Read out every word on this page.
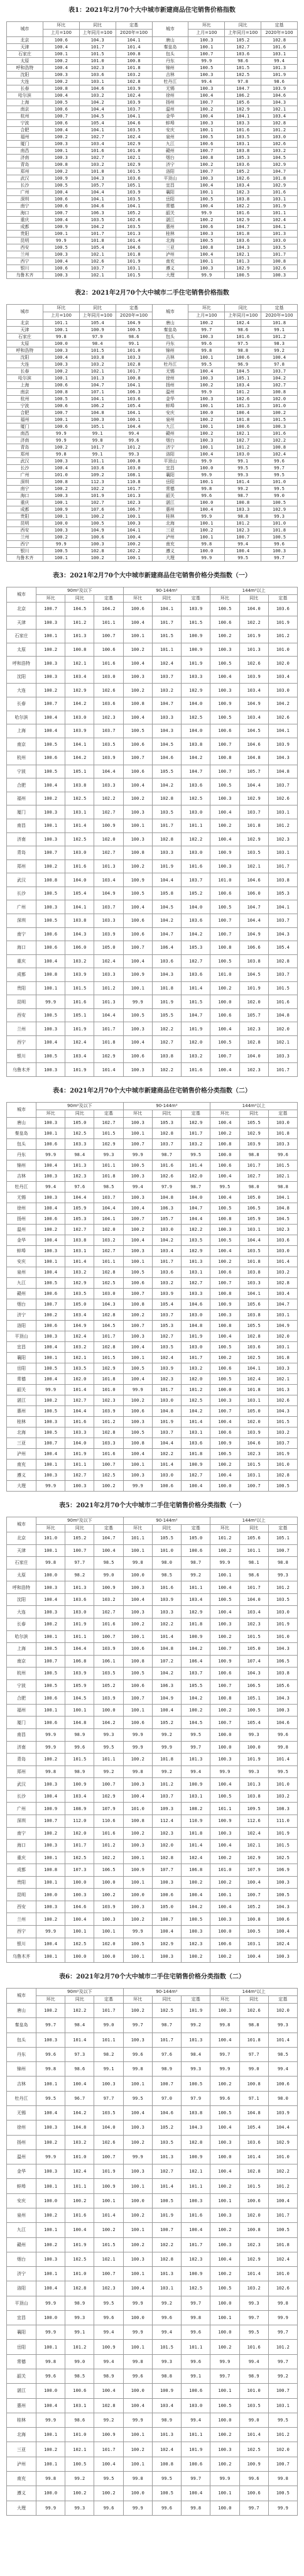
表1：2021年2月70个大中城市新建商品住宅销售价格指数
城市	环比	同比	定基	城市	环比	同比	定基
	上月=100	上年同月=100	2020年=100		上月=100	上年同月=100	2020年=100
北京	100.6	104.3	104.1	唐山	100.3	105.2	102.8
天津	100.4	101.7	101.4	秦皇岛	100.1	102.7	101.6
石家庄	100.1	101.5	100.8	包头	100.7	103.6	103.1
太原	100.2	101.0	100.8	丹东	99.9	98.6	99.4
呼和浩特	100.4	102.3	101.8	锦州	100.5	101.5	101.3
沈阳	100.3	103.6	103.2	吉林	100.3	102.5	101.9
大连	100.2	103.1	102.8	牡丹江	99.4	97.8	98.6
长春	100.8	104.6	103.9	无锡	100.3	104.7	103.9
哈尔滨	100.4	103.2	102.4	徐州	100.4	106.2	104.6
上海	100.5	104.2	103.9	扬州	100.7	105.6	104.3
南京	100.6	104.4	103.7	温州	100.2	102.9	102.1
杭州	100.7	104.5	104.1	金华	100.4	104.1	103.4
宁波	100.6	105.4	104.6	蚌埠	100.3	103.3	102.8
合肥	100.4	104.1	103.5	安庆	100.1	101.6	101.2
福州	100.2	102.7	102.4	泉州	100.5	103.5	103.0
厦门	100.3	103.4	102.9	九江	100.6	103.1	102.6
南昌	100.1	101.6	101.0	赣州	100.7	103.8	103.2
济南	100.3	102.7	102.1	烟台	100.8	105.3	104.5
青岛	100.8	103.2	102.9	济宁	100.2	103.6	102.9
郑州	100.2	101.8	101.5	洛阳	100.7	105.2	104.7
武汉	100.9	104.3	103.6	平顶山	100.3	102.6	101.8
长沙	100.5	105.7	105.1	宜昌	100.4	103.4	102.9
广州	100.4	104.4	103.9	襄阳	100.1	102.3	101.6
深圳	100.6	104.1	103.5	岳阳	100.5	103.8	103.1
南宁	100.6	104.6	104.1	常德	100.4	102.2	101.9
海口	100.7	106.3	105.2	韶关	99.9	101.6	101.1
重庆	100.4	103.5	102.6	湛江	100.2	102.9	102.4
成都	100.9	104.2	103.5	惠州	100.6	104.7	104.1
贵阳	100.1	101.7	101.3	桂林	100.3	101.8	101.3
昆明	99.9	101.8	101.4	北海	100.5	103.6	103.0
西安	100.5	105.4	104.6	三亚	100.8	104.3	103.5
兰州	100.3	102.1	101.8	泸州	100.4	102.1	101.7
西宁	100.4	102.6	101.9	南充	100.1	101.3	100.8
银川	100.6	103.7	103.1	遵义	100.3	102.9	102.6
乌鲁木齐	100.3	102.1	101.5	大理	99.9	100.5	100.3
表2：2021年2月70个大中城市二手住宅销售价格指数
城市	环比	同比	定基	城市	环比	同比	定基
	上月=100	上年同月=100	2020年=100		上月=100	上年同月=100	2020年=100
北京	101.1	105.4	104.9	唐山	100.2	102.4	101.8
天津	100.1	100.9	100.5	秦皇岛	99.7	98.6	99.1
石家庄	99.8	97.9	98.6	包头	100.3	101.6	101.2
太原	100.0	98.4	99.1	丹东	99.6	97.5	98.3
呼和浩特	100.3	101.5	101.0	锦州	99.8	98.8	99.2
沈阳	100.4	103.8	103.3	吉林	100.1	100.6	100.4
大连	100.3	103.2	102.8	牡丹江	99.5	96.9	97.8
长春	100.2	102.1	101.7	无锡	100.4	104.5	103.7
哈尔滨	100.1	101.3	100.8	徐州	100.3	105.1	104.2
上海	100.6	104.7	104.1	扬州	100.2	103.4	102.7
南京	100.8	107.1	106.3	温州	99.9	101.2	100.8
杭州	100.5	104.1	103.6	金华	100.3	102.6	102.0
宁波	100.6	106.2	105.4	蚌埠	100.1	101.3	101.0
合肥	100.7	104.8	104.1	安庆	100.0	100.4	100.2
福州	100.1	100.3	100.1	泉州	100.2	101.8	101.5
厦门	100.6	105.1	104.4	九江	100.1	100.6	100.3
南昌	99.9	99.1	99.4	赣州	100.2	102.1	101.6
济南	99.9	99.8	99.6	烟台	100.3	102.7	102.2
青岛	100.2	101.7	101.2	济宁	100.1	101.2	100.8
郑州	99.8	99.1	99.3	洛阳	100.4	103.0	102.4
武汉	100.3	101.1	100.8	平顶山	99.9	99.1	99.6
长沙	100.4	103.6	103.0	宜昌	100.0	99.5	99.7
广州	101.0	109.2	108.1	襄阳	99.9	99.3	99.5
深圳	100.8	112.3	110.8	岳阳	100.1	101.4	101.0
南宁	100.2	102.2	101.7	常德	99.8	99.2	99.5
海口	100.3	101.9	101.3	韶关	99.6	98.7	99.0
重庆	100.1	102.7	102.3	湛江	100.0	100.8	100.5
成都	100.9	107.6	106.7	惠州	100.4	103.3	102.9
贵阳	100.1	100.2	100.1	桂林	99.9	98.8	99.3
昆明	100.0	100.5	100.3	北海	100.1	101.2	101.0
西安	100.3	104.9	104.1	三亚	100.2	102.3	101.8
兰州	100.2	100.6	100.4	泸州	100.1	100.7	100.5
西宁	99.9	100.3	100.2	南充	99.8	99.4	99.6
银川	100.5	102.8	102.2	遵义	100.0	100.4	100.3
乌鲁木齐	100.1	100.2	100.1	大理	99.9	99.5	99.7
表3：2021年2月70个大中城市新建商品住宅销售价格分类指数（一）
城市	90m²及以下			90-144m²			144m²以上		
	环比	同比	定基	环比	同比	定基	环比	同比	定基
北京	100.7	104.5	104.2	100.6	104.1	103.9	100.5	104.0	103.6
天津	100.3	101.2	101.1	100.4	101.7	101.5	100.6	102.2	101.9
石家庄	100.1	101.3	100.7	100.1	101.5	100.9	100.2	101.9	101.2
太原	100.2	100.8	100.6	100.2	101.1	100.9	100.3	101.3	101.0
呼和浩特	100.3	102.1	101.6	100.4	102.4	101.9	100.5	102.6	102.0
沈阳	100.3	103.4	103.0	100.3	103.7	103.3	100.4	103.9	103.4
大连	100.2	102.9	102.6	100.2	103.2	102.9	100.3	103.4	103.0
长春	100.7	104.2	103.6	100.8	104.7	104.0	100.9	104.9	104.2
哈尔滨	100.4	103.0	102.3	100.4	103.3	102.5	100.5	103.4	102.6
上海	100.4	103.9	103.7	100.5	104.3	104.0	100.6	104.5	104.1
南京	100.5	104.1	103.5	100.6	104.5	103.8	100.7	104.6	103.9
杭州	100.6	104.2	103.9	100.7	104.6	104.2	100.8	104.8	104.3
宁波	100.5	105.1	104.4	100.6	105.5	104.7	100.7	105.7	104.8
合肥	100.4	103.8	103.3	100.4	104.2	103.6	100.5	104.4	103.7
福州	100.2	102.5	102.2	100.2	102.8	102.5	100.3	102.9	102.6
厦门	100.3	103.1	102.7	100.3	103.5	103.0	100.4	103.7	103.1
南昌	100.1	101.4	100.9	100.1	101.7	101.1	100.2	101.8	101.2
济南	100.3	102.5	102.0	100.3	102.8	102.2	100.4	102.9	102.3
青岛	100.7	103.0	102.7	100.8	103.3	103.0	100.9	103.5	103.1
郑州	100.2	101.6	101.3	100.2	101.9	101.6	100.3	102.1	101.7
武汉	100.8	104.0	103.4	100.9	104.4	103.7	101.0	104.6	103.8
长沙	100.5	105.4	104.9	100.5	105.8	105.2	100.6	106.0	105.3
广州	100.3	104.1	103.7	100.4	104.5	104.0	100.5	104.7	104.1
深圳	100.5	103.8	103.3	100.6	104.2	103.6	100.7	104.4	103.7
南宁	100.6	104.3	103.9	100.6	104.7	104.2	100.7	104.9	104.3
海口	100.6	106.0	105.0	100.7	106.4	105.3	100.8	106.6	105.4
重庆	100.4	103.2	102.4	100.4	103.6	102.7	100.5	103.8	102.8
成都	100.8	103.9	103.3	100.9	104.3	103.6	101.0	104.5	103.7
贵阳	100.1	101.5	101.2	100.1	101.8	101.4	100.2	101.9	101.5
昆明	99.9	101.6	101.3	99.9	101.9	101.5	100.0	102.0	101.6
西安	100.5	105.1	104.4	100.5	105.5	104.7	100.6	105.7	104.8
兰州	100.3	101.9	101.7	100.3	102.2	101.9	100.4	102.3	102.0
西宁	100.4	102.4	101.8	100.4	102.7	102.0	100.5	102.8	102.1
银川	100.5	103.4	102.9	100.6	103.8	103.2	100.7	104.0	103.3
乌鲁木齐	100.3	101.9	101.4	100.3	102.2	101.6	100.4	102.3	101.7
表4：2021年2月70个大中城市新建商品住宅销售价格分类指数（二）
城市	90m²及以下			90-144m²			144m²以上		
	环比	同比	定基	环比	同比	定基	环比	同比	定基
唐山	100.3	105.0	102.7	100.3	105.3	102.9	100.4	105.5	103.0
秦皇岛	100.1	102.5	101.5	100.1	102.8	101.7	100.2	102.9	101.8
包头	100.6	103.3	102.9	100.7	103.7	103.2	100.8	103.9	103.3
丹东	99.9	98.4	99.3	99.9	98.7	99.5	100.0	98.8	99.6
锦州	100.4	101.3	101.1	100.5	101.6	101.4	100.6	101.7	101.5
吉林	100.3	102.3	101.8	100.3	102.6	102.0	100.4	102.7	102.1
牡丹江	99.4	97.6	98.5	99.4	97.9	98.7	99.5	98.0	98.8
无锡	100.3	104.4	103.7	100.3	104.8	104.0	100.4	105.0	104.1
徐州	100.4	105.9	104.4	100.4	106.3	104.7	100.5	106.5	104.8
扬州	100.6	105.3	104.1	100.7	105.7	104.4	100.8	105.9	104.5
温州	100.2	102.7	102.0	100.2	103.0	102.2	100.3	103.1	102.3
金华	100.4	103.8	103.2	100.4	104.2	103.5	100.5	104.4	103.6
蚌埠	100.3	103.1	102.7	100.3	103.4	102.9	100.4	103.5	103.0
安庆	100.1	101.4	101.1	100.1	101.7	101.3	100.2	101.8	101.4
泉州	100.4	103.2	102.8	100.5	103.6	103.1	100.6	103.8	103.2
九江	100.5	102.9	102.5	100.6	103.2	102.7	100.7	103.3	102.8
赣州	100.6	103.5	103.0	100.7	103.9	103.3	100.8	104.1	103.4
烟台	100.7	105.0	104.3	100.8	105.4	104.6	100.9	105.6	104.7
济宁	100.2	103.4	102.8	100.2	103.7	103.0	100.3	103.8	103.1
洛阳	100.6	104.9	104.5	100.7	105.3	104.8	100.8	105.5	104.9
平顶山	100.3	102.4	101.7	100.3	102.7	101.9	100.4	102.8	102.0
宜昌	100.4	103.2	102.8	100.4	103.5	103.0	100.5	103.6	103.1
襄阳	100.1	102.1	101.5	100.1	102.4	101.7	100.2	102.5	101.8
岳阳	100.5	103.5	102.9	100.5	103.9	103.2	100.6	104.1	103.3
常德	100.4	102.0	101.8	100.4	102.3	102.0	100.5	102.4	102.1
韶关	99.9	101.4	101.0	99.9	101.7	101.2	100.0	101.8	101.3
湛江	100.2	102.7	102.3	100.2	103.0	102.5	100.3	103.1	102.6
惠州	100.5	104.4	103.9	100.6	104.8	104.2	100.7	105.0	104.3
桂林	100.3	101.6	101.2	100.3	101.9	101.4	100.4	102.0	101.5
北海	100.5	103.3	102.8	100.5	103.7	103.1	100.6	103.9	103.2
三亚	100.7	104.0	103.3	100.8	104.4	103.6	100.9	104.6	103.7
泸州	100.4	101.9	101.6	100.4	102.2	101.8	100.5	102.3	101.9
南充	100.1	101.1	100.7	100.1	101.4	100.9	100.2	101.5	101.0
遵义	100.3	102.7	102.5	100.3	103.0	102.7	100.4	103.1	102.8
大理	99.9	100.3	100.2	99.9	100.6	100.4	100.0	100.7	100.5
表5：2021年2月70个大中城市二手住宅销售价格分类指数（一）
城市	90m²及以下			90-144m²			144m²以上		
	环比	同比	定基	环比	同比	定基	环比	同比	定基
北京	101.0	105.2	104.7	101.1	105.5	105.0	101.2	105.6	105.1
天津	100.1	100.7	100.4	100.1	101.0	100.6	100.2	101.1	100.7
石家庄	99.8	97.7	98.5	99.8	98.0	98.7	99.9	98.1	98.8
太原	100.0	98.2	99.0	100.0	98.5	99.2	100.1	98.6	99.3
呼和浩特	100.3	101.3	100.9	100.3	101.6	101.1	100.4	101.7	101.2
沈阳	100.4	103.6	103.2	100.4	103.9	103.4	100.5	104.0	103.5
大连	100.3	103.0	102.7	100.3	103.3	102.9	100.4	103.4	103.0
长春	100.2	101.9	101.6	100.2	102.2	101.8	100.3	102.3	101.9
哈尔滨	100.1	101.1	100.7	100.1	101.4	100.9	100.2	101.5	101.0
上海	100.5	104.4	103.9	100.6	104.8	104.2	100.7	105.0	104.3
南京	100.7	106.8	106.1	100.8	107.2	106.4	100.9	107.4	106.5
杭州	100.5	103.9	103.5	100.5	104.2	103.7	100.6	104.3	103.8
宁波	100.5	105.9	105.2	100.6	106.3	105.5	100.7	106.5	105.6
合肥	100.6	104.5	103.9	100.7	104.9	104.2	100.8	105.1	104.3
福州	100.1	100.1	100.0	100.1	100.4	100.2	100.2	100.5	100.3
厦门	100.6	104.8	104.2	100.6	105.2	104.5	100.7	105.4	104.6
南昌	99.9	98.9	99.3	99.9	99.2	99.5	100.0	99.3	99.6
济南	99.9	99.6	99.5	99.9	99.9	99.7	100.0	100.0	99.8
青岛	100.2	101.5	101.1	100.2	101.8	101.3	100.3	101.9	101.4
郑州	99.8	98.9	99.2	99.8	99.2	99.4	99.9	99.3	99.5
武汉	100.3	100.9	100.7	100.3	101.2	100.9	100.4	101.3	101.0
长沙	100.4	103.4	102.9	100.4	103.7	103.1	100.5	103.8	103.2
广州	100.9	108.9	107.9	101.0	109.3	108.2	101.1	109.5	108.3
深圳	100.7	112.0	110.6	100.8	112.4	110.9	100.9	112.6	111.0
南宁	100.2	102.0	101.6	100.2	102.3	101.8	100.3	102.4	101.9
海口	100.3	101.7	101.2	100.3	102.0	101.4	100.4	102.1	101.5
重庆	100.1	102.5	102.2	100.1	102.8	102.4	100.2	102.9	102.5
成都	100.8	107.3	106.5	100.9	107.7	106.8	101.0	107.9	106.9
贵阳	100.1	100.0	100.0	100.1	100.3	100.2	100.2	100.4	100.3
昆明	100.0	100.3	100.2	100.0	100.6	100.4	100.1	100.7	100.5
西安	100.3	104.6	103.9	100.3	105.0	104.2	100.4	105.2	104.3
兰州	100.2	100.4	100.3	100.2	100.7	100.5	100.3	100.8	100.6
西宁	99.9	100.1	100.1	99.9	100.4	100.3	100.0	100.5	100.4
银川	100.4	102.5	102.0	100.5	102.9	102.3	100.6	103.1	102.4
乌鲁木齐	100.1	100.0	100.0	100.1	100.3	100.2	100.2	100.4	100.3
表6：2021年2月70个大中城市二手住宅销售价格分类指数（二）
城市	90m²及以下			90-144m²			144m²以上		
	环比	同比	定基	环比	同比	定基	环比	同比	定基
唐山	100.2	102.2	101.7	100.2	102.5	101.9	100.3	102.6	102.0
秦皇岛	99.7	98.4	99.0	99.7	98.7	99.2	99.8	98.8	99.3
包头	100.3	101.4	101.1	100.3	101.7	101.3	100.4	101.8	101.4
丹东	99.6	97.3	98.2	99.6	97.6	98.4	99.7	97.7	98.5
锦州	99.8	98.6	99.1	99.8	98.9	99.3	99.9	99.0	99.4
吉林	100.1	100.4	100.3	100.1	100.7	100.5	100.2	100.8	100.6
牡丹江	99.5	96.7	97.7	99.5	97.0	97.9	99.6	97.1	98.0
无锡	100.4	104.2	103.5	100.4	104.6	103.8	100.5	104.8	103.9
徐州	100.3	104.8	104.0	100.3	105.2	104.3	100.4	105.4	104.4
扬州	100.2	103.2	102.6	100.2	103.5	102.8	100.3	103.6	102.9
温州	99.9	101.0	100.7	99.9	101.3	100.9	100.0	101.4	101.0
金华	100.3	102.4	101.9	100.3	102.7	102.1	100.4	102.8	102.2
蚌埠	100.1	101.1	100.9	100.1	101.4	101.1	100.2	101.5	101.2
安庆	100.0	100.2	100.1	100.0	100.5	100.3	100.1	100.6	100.4
泉州	100.2	101.6	101.4	100.2	101.9	101.6	100.3	102.0	101.7
九江	100.1	100.4	100.2	100.1	100.7	100.4	100.2	100.8	100.5
赣州	100.2	101.9	101.5	100.2	102.2	101.7	100.3	102.3	101.8
烟台	100.3	102.5	102.1	100.3	102.8	102.3	100.4	102.9	102.4
济宁	100.1	101.0	100.7	100.1	101.3	100.9	100.2	101.4	101.0
洛阳	100.4	102.8	102.3	100.4	103.1	102.5	100.5	103.2	102.6
平顶山	99.9	98.9	99.5	99.9	99.2	99.7	100.0	99.3	99.8
宜昌	100.0	99.3	99.6	100.0	99.6	99.8	100.1	99.7	99.9
襄阳	99.9	99.1	99.4	99.9	99.4	99.6	100.0	99.5	99.7
岳阳	100.1	101.2	100.9	100.1	101.5	101.1	100.2	101.6	101.2
常德	99.8	99.0	99.4	99.8	99.3	99.6	99.9	99.4	99.7
韶关	99.6	98.5	98.9	99.6	98.8	99.1	99.7	98.9	99.2
湛江	100.0	100.6	100.4	100.0	100.9	100.6	100.1	101.0	100.7
惠州	100.4	103.1	102.8	100.4	103.4	103.0	100.5	103.5	103.1
桂林	99.9	98.6	99.2	99.9	98.9	99.4	100.0	99.0	99.5
北海	100.1	101.0	100.9	100.1	101.3	101.1	100.2	101.4	101.2
三亚	100.2	102.1	101.7	100.2	102.4	101.9	100.3	102.5	102.0
泸州	100.1	100.5	100.4	100.1	100.8	100.6	100.2	100.9	100.7
南充	99.8	99.2	99.5	99.8	99.5	99.7	99.9	99.6	99.8
遵义	100.0	100.2	100.2	100.0	100.5	100.4	100.1	100.6	100.5
大理	99.9	99.3	99.6	99.9	99.6	99.8	100.0	99.7	99.9
